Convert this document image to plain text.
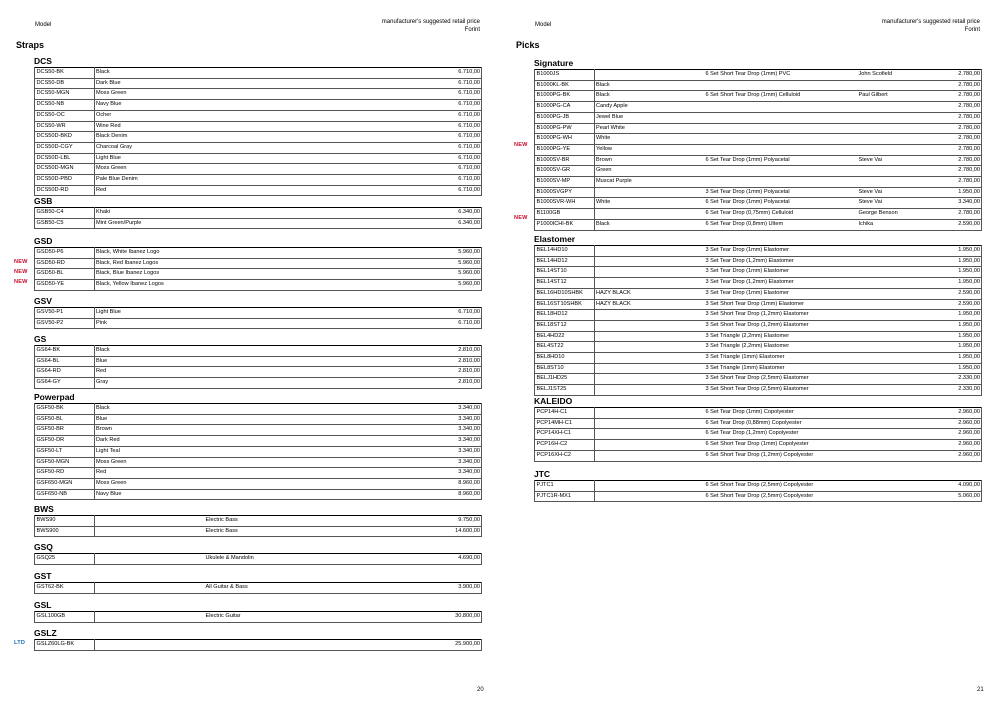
Model	manufacturer's suggested retail price
Forint
Straps
DCS
DCS50-BK	Black		6.710,00
DCS50-DB	Dark Blue		6.710,00
DCS50-MGN	Moss Green		6.710,00
DCS50-NB	Navy Blue		6.710,00
DCS50-OC	Ocher		6.710,00
DCS50-WR	Wine Red		6.710,00
DCS50D-BKD	Black Denim		6.710,00
DCS50D-CGY	Charcoal Gray		6.710,00
DCS50D-LBL	Light Blue		6.710,00
DCS50D-MGN	Moss Green		6.710,00
DCS50D-PBD	Pale Blue Denim		6.710,00
DCS50D-RD	Red		6.710,00
GSB
GSB50-C4	Khaki		6.340,00
GSB50-C5	Mint Green/Purple		6.340,00
GSD
NEW
NEW
NEW
GSD50-P6	Black, White Ibanez Logo		5.960,00
GSD50-RD	Black, Red Ibanez Logos		5.960,00
GSD50-BL	Black, Blue Ibanez Logos		5.960,00
GSD50-YE	Black, Yellow Ibanez Logos		5.960,00
GSV
GSV50-P1	Light Blue		6.710,00
GSV50-P2	Pink		6.710,00
GS
GS64-BK	Black		2.810,00
GS64-BL	Blue		2.810,00
GS64-RD	Red		2.810,00
GS64-GY	Gray		2.810,00
Powerpad
GSF50-BK	Black		3.340,00
GSF50-BL	Blue		3.340,00
GSF50-BR	Brown		3.340,00
GSF50-DR	Dark Red		3.340,00
GSF50-LT	Light Teal		3.340,00
GSF50-MGN	Moss Green		3.340,00
GSF50-RD	Red		3.340,00
GSF650-MGN	Moss Green		8.960,00
GSF650-NB	Navy Blue		8.960,00
BWS
BWS90		Electric Bass	9.750,00
BWS900		Electric Bass	14.600,00
GSQ
GSQ25		Ukulele & Mandolin	4.690,00
GST
GST62-BK		All Guitar & Bass	3.900,00
GSL
GSL100GB		Electric Guitar	30.800,00
GSLZ
LTD GSLZ60LG-BK			25.900,00
20
Model	manufacturer's suggested retail price
Forint
Picks
Signature
NEW
NEW
B1000JS		6 Set Short Tear Drop (1mm) PVC	John Scofield	2.780,00
B1000KL-BK	Black			2.780,00
B1000PG-BK	Black	6 Set Short Tear Drop (1mm) Celluloid	Paul Gilbert	2.780,00
B1000PG-CA	Candy Apple			2.780,00
B1000PG-JB	Jewel Blue			2.780,00
B1000PG-PW	Pearl White			2.780,00
B1000PG-WH	White			2.780,00
B1000PG-YE	Yellow			2.780,00
B1000SV-BR	Brown	6 Set Tear Drop (1mm) Polyacetal	Steve Vai	2.780,00
B1000SV-GR	Green			2.780,00
B1000SV-MP	Muscat Purple			2.780,00
B1000SVGPY		3 Set Tear Drop (1mm) Polyacetal	Steve Vai	1.950,00
B1000SVR-WH	White	6 Set Tear Drop (1mm) Polyacetal	Steve Vai	3.340,00
B1100GB		6 Set Tear Drop (0,75mm) Celluloid	George Benson	2.780,00
P1000ICHI-BK	Black	6 Set Tear Drop (0,8mm) Ultem	Ichika	2.590,00
Elastomer
BEL14HD10		3 Set Tear Drop (1mm) Elastomer		1.950,00
BEL14HD12		3 Set Tear Drop (1,2mm) Elastomer		1.950,00
BEL14ST10		3 Set Tear Drop (1mm) Elastomer		1.950,00
BEL14ST12		3 Set Tear Drop (1,2mm) Elastomer		1.950,00
BEL16HD10SHBK	HAZY BLACK	3 Set Tear Drop (1mm) Elastomer		2.590,00
BEL16ST10SHBK	HAZY BLACK	3 Set Short Tear Drop (1mm) Elastomer		2.590,00
BEL18HD12		3 Set Short Tear Drop (1,2mm) Elastomer		1.950,00
BEL18ST12		3 Set Short Tear Drop (1,2mm) Elastomer		1.950,00
BEL4HD22		3 Set Triangle (2,2mm) Elastomer		1.950,00
BEL4ST22		3 Set Triangle (2,2mm) Elastomer		1.950,00
BEL8HD10		3 Set Triangle (1mm) Elastomer		1.950,00
BEL8ST10		3 Set Triangle (1mm) Elastomer		1.950,00
BELJ1HD25		3 Set Short Tear Drop (2,5mm) Elastomer		2.330,00
BELJ1ST25		3 Set Short Tear Drop (2,5mm) Elastomer		2.330,00
KALEIDO
PCP14H-C1		6 Set Tear Drop (1mm) Copolyester		2.960,00
PCP14MH-C1		6 Set Tear Drop (0,88mm) Copolyester		2.960,00
PCP14XH-C1		6 Set Tear Drop (1,2mm) Copolyester		2.960,00
PCP16H-C2		6 Set Short Tear Drop (1mm) Copolyester		2.960,00
PCP16XH-C2		6 Set Short Tear Drop (1,2mm) Copolyester		2.960,00
JTC
PJTC1		6 Set Short Tear Drop (2,5mm) Copolyester		4.090,00
PJTC1R-MX1		6 Set Short Tear Drop (2,5mm) Copolyester		5.060,00
21
